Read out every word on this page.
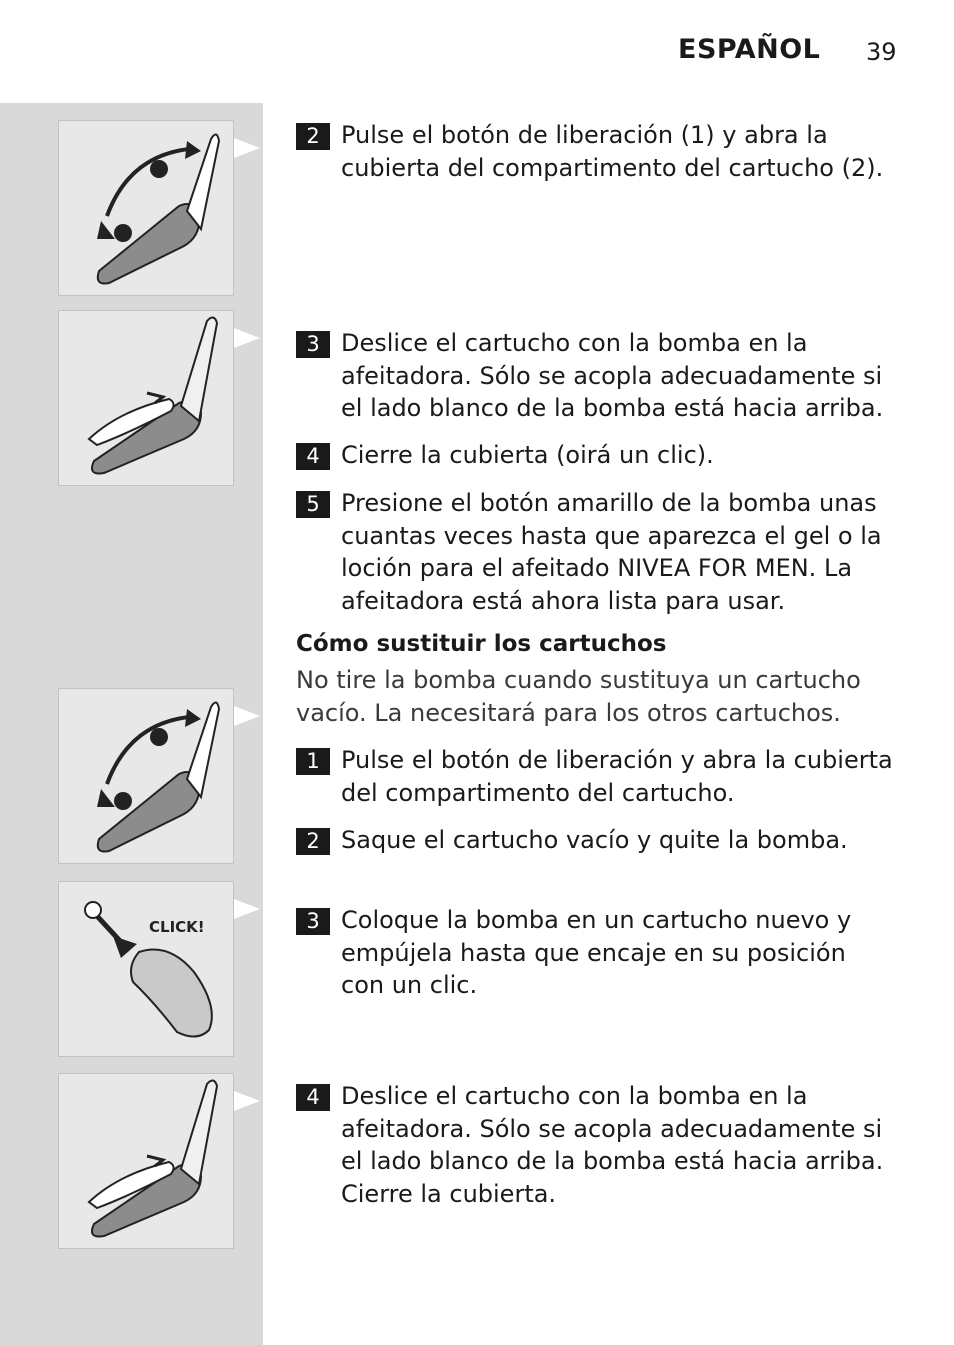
ESPAÑOL 39
CLICK!
2 Pulse el botón de liberación (1) y abra la cubierta del compartimento del cartucho (2).
3 Deslice el cartucho con la bomba en la afeitadora. Sólo se acopla adecuadamente si el lado blanco de la bomba está hacia arriba.
4 Cierre la cubierta (oirá un clic).
5 Presione el botón amarillo de la bomba unas cuantas veces hasta que aparezca el gel o la loción para el afeitado NIVEA FOR MEN. La afeitadora está ahora lista para usar.
Cómo sustituir los cartuchos
No tire la bomba cuando sustituya un cartucho vacío. La necesitará para los otros cartuchos.
1 Pulse el botón de liberación y abra la cubierta del compartimento del cartucho.
2 Saque el cartucho vacío y quite la bomba.
3 Coloque la bomba en un cartucho nuevo y empújela hasta que encaje en su posición con un clic.
4 Deslice el cartucho con la bomba en la afeitadora. Sólo se acopla adecuadamente si el lado blanco de la bomba está hacia arriba. Cierre la cubierta.
